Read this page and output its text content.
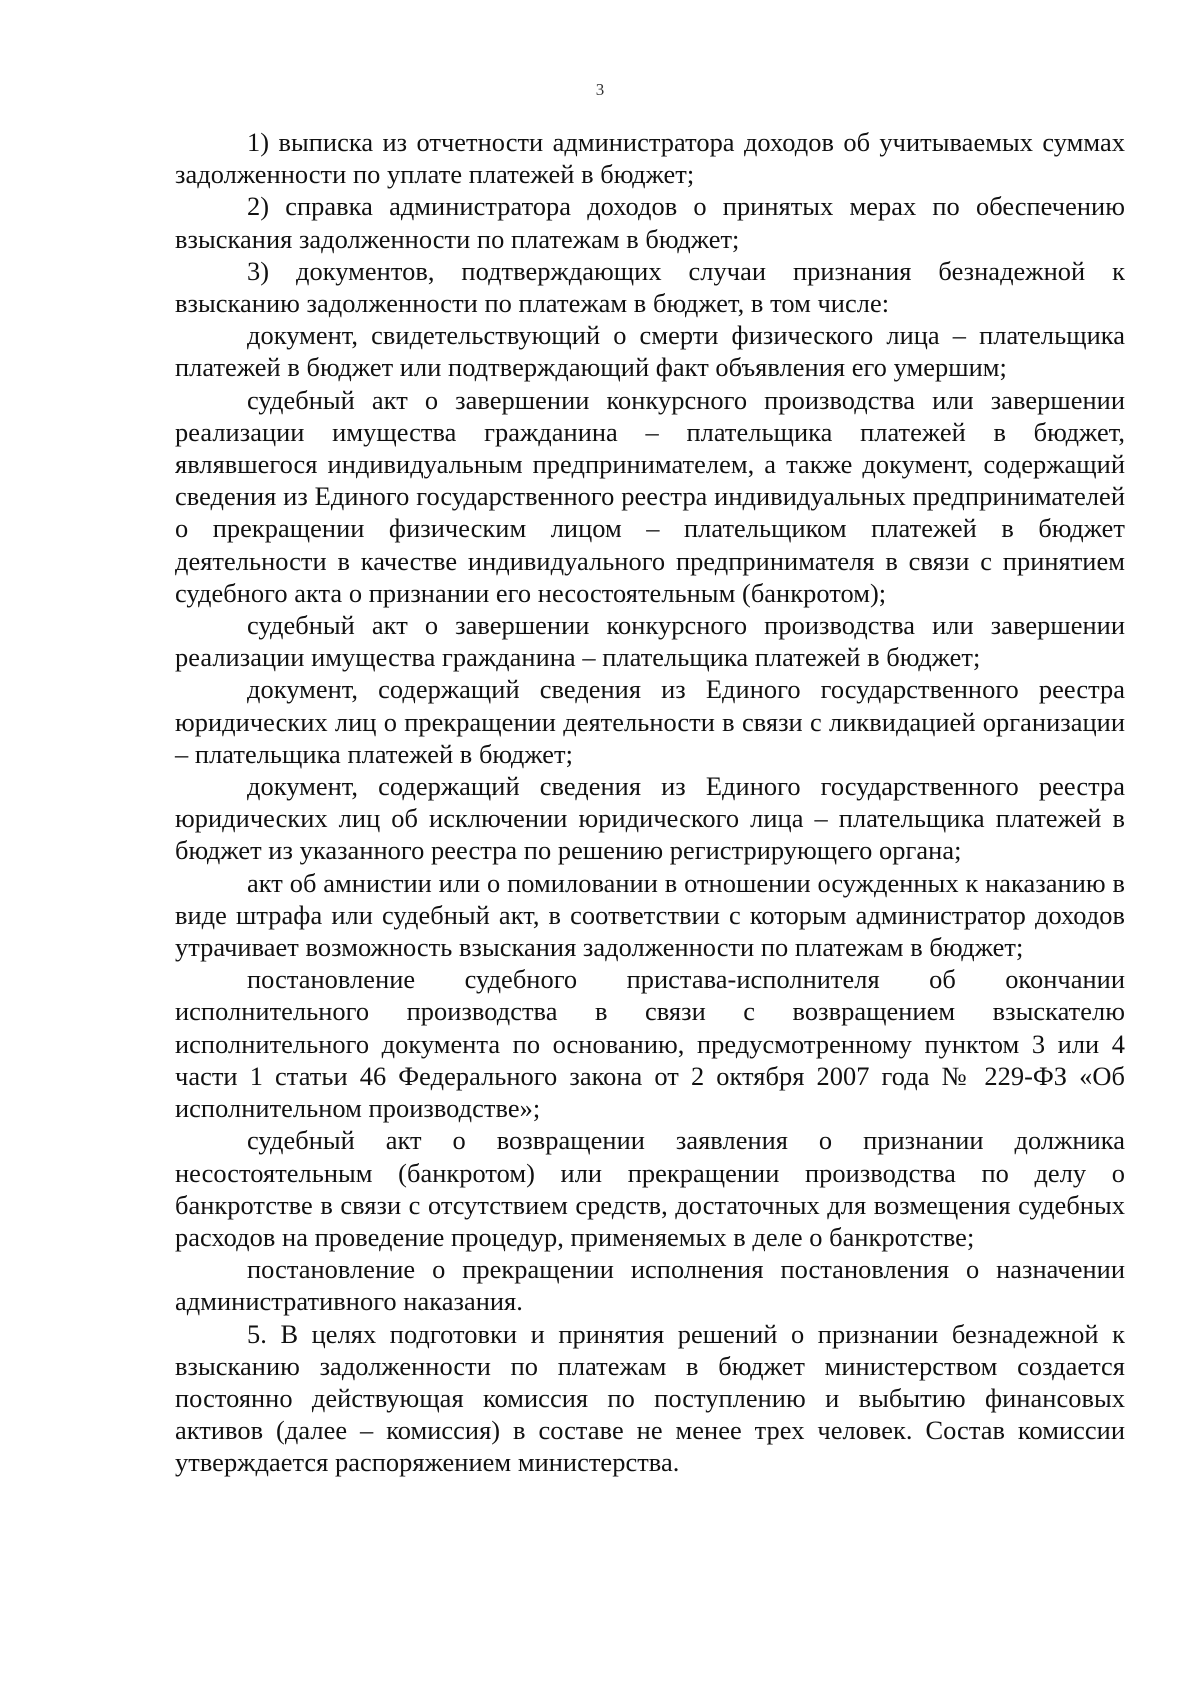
3

1) выписка из отчетности администратора доходов об учитываемых суммах задолженности по уплате платежей в бюджет;

2) справка администратора доходов о принятых мерах по обеспечению взыскания задолженности по платежам в бюджет;

3) документов, подтверждающих случаи признания безнадежной к взысканию задолженности по платежам в бюджет, в том числе:

документ, свидетельствующий о смерти физического лица – плательщика платежей в бюджет или подтверждающий факт объявления его умершим;

судебный акт о завершении конкурсного производства или завершении реализации имущества гражданина – плательщика платежей в бюджет, являвшегося индивидуальным предпринимателем, а также документ, содержащий сведения из Единого государственного реестра индивидуальных предпринимателей о прекращении физическим лицом – плательщиком платежей в бюджет деятельности в качестве индивидуального предпринимателя в связи с принятием судебного акта о признании его несостоятельным (банкротом);

судебный акт о завершении конкурсного производства или завершении реализации имущества гражданина – плательщика платежей в бюджет;

документ, содержащий сведения из Единого государственного реестра юридических лиц о прекращении деятельности в связи с ликвидацией организации – плательщика платежей в бюджет;

документ, содержащий сведения из Единого государственного реестра юридических лиц об исключении юридического лица – плательщика платежей в бюджет из указанного реестра по решению регистрирующего органа;

акт об амнистии или о помиловании в отношении осужденных к наказанию в виде штрафа или судебный акт, в соответствии с которым администратор доходов утрачивает возможность взыскания задолженности по платежам в бюджет;

постановление судебного пристава-исполнителя об окончании исполнительного производства в связи с возвращением взыскателю исполнительного документа по основанию, предусмотренному пунктом 3 или 4 части 1 статьи 46 Федерального закона от 2 октября 2007 года № 229-ФЗ «Об исполнительном производстве»;

судебный акт о возвращении заявления о признании должника несостоятельным (банкротом) или прекращении производства по делу о банкротстве в связи с отсутствием средств, достаточных для возмещения судебных расходов на проведение процедур, применяемых в деле о банкротстве;

постановление о прекращении исполнения постановления о назначении административного наказания.

5. В целях подготовки и принятия решений о признании безнадежной к взысканию задолженности по платежам в бюджет министерством создается постоянно действующая комиссия по поступлению и выбытию финансовых активов (далее – комиссия) в составе не менее трех человек. Состав комиссии утверждается распоряжением министерства.
